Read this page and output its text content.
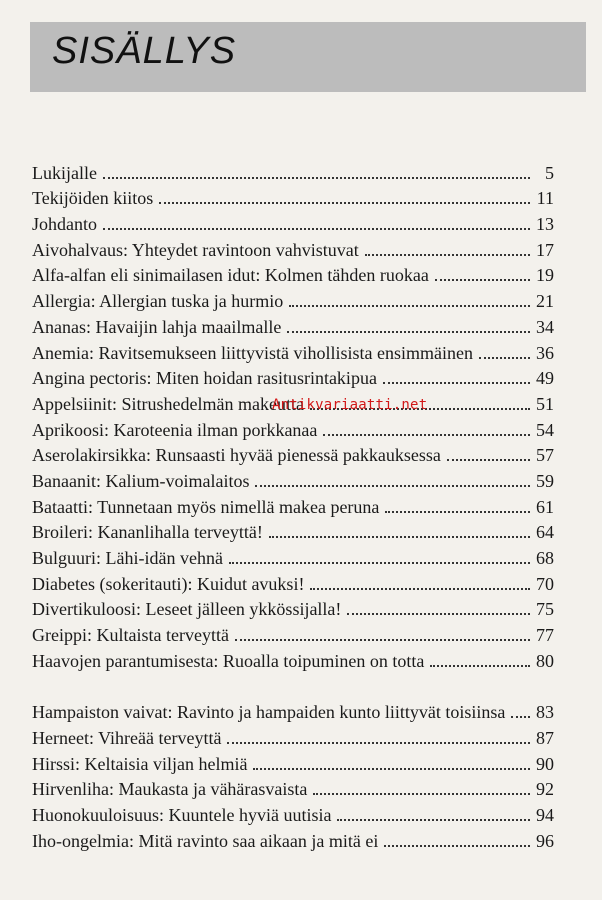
SISÄLLYS
Lukijalle	5
Tekijöiden kiitos	11
Johdanto	13
Aivohalvaus: Yhteydet ravintoon vahvistuvat	17
Alfa-alfan eli sinimailasen idut: Kolmen tähden ruokaa	19
Allergia: Allergian tuska ja hurmio	21
Ananas: Havaijin lahja maailmalle	34
Anemia: Ravitsemukseen liittyvistä vihollisista ensimmäinen	36
Angina pectoris: Miten hoidan rasitusrintakipua	49
Appelsiinit: Sitrushedelmän makeutta	51
Aprikoosi: Karoteenia ilman porkkanaa	54
Aserolakirsikka: Runsaasti hyvää pienessä pakkauksessa	57
Banaanit: Kalium-voimalaitos	59
Bataatti: Tunnetaan myös nimellä makea peruna	61
Broileri: Kananlihalla terveyttä!	64
Bulguuri: Lähi-idän vehnä	68
Diabetes (sokeritauti): Kuidut avuksi!	70
Divertikuloosi: Leseet jälleen ykkössijalla!	75
Greippi: Kultaista terveyttä	77
Haavojen parantumisesta: Ruoalla toipuminen on totta	80
Hampaiston vaivat: Ravinto ja hampaiden kunto liittyvät toisiinsa 83
Herneet: Vihreää terveyttä	87
Hirssi: Keltaisia viljan helmiä	90
Hirvenliha: Maukasta ja vähärasvaista	92
Huonokuuloisuus: Kuuntele hyviä uutisia	94
Iho-ongelmia: Mitä ravinto saa aikaan ja mitä ei	96
Antikvariaatti.net
